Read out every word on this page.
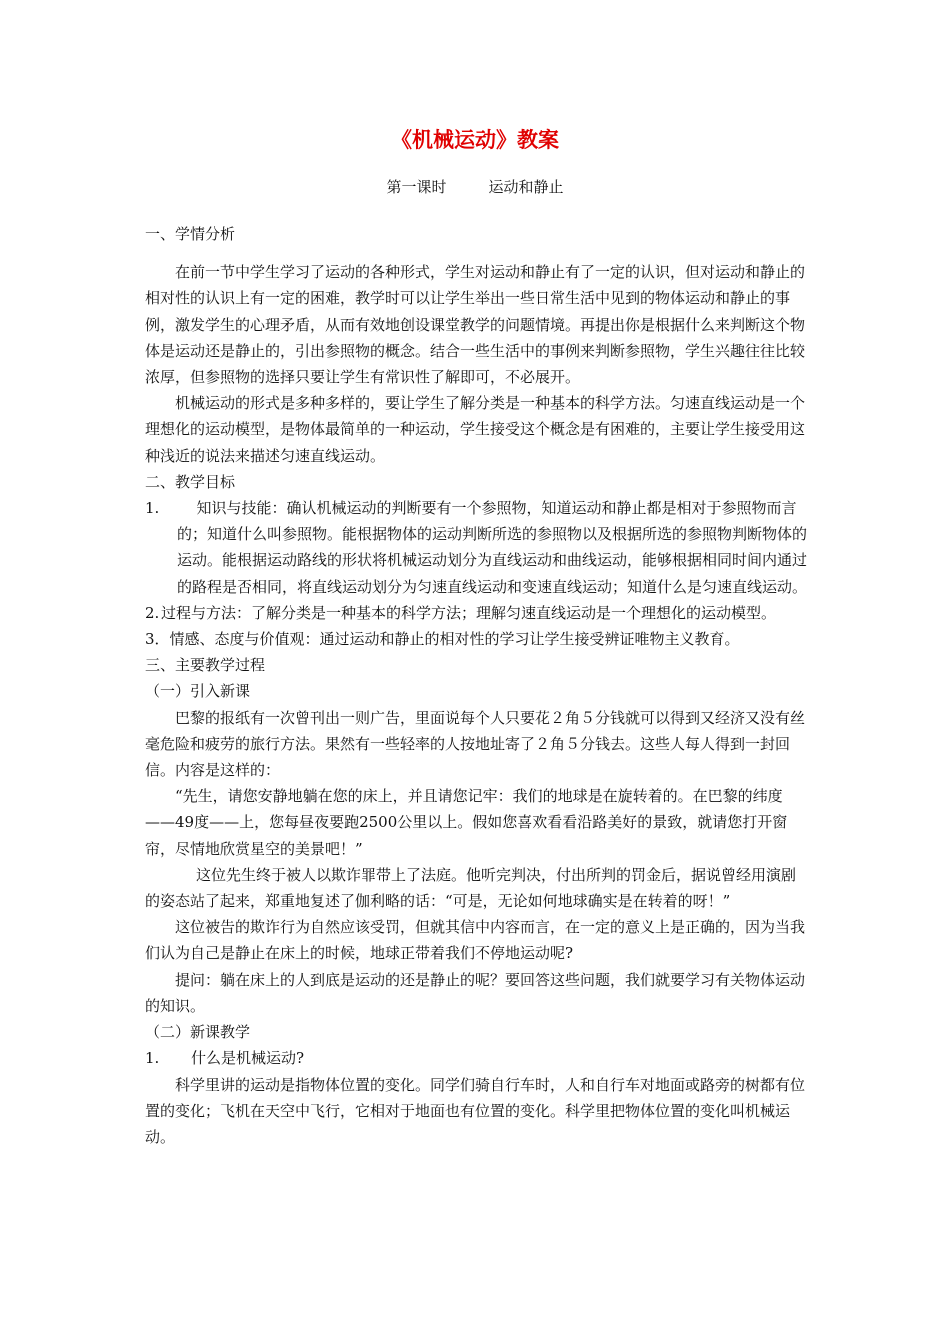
《机械运动》教案
第一课时	运动和静止

一、学情分析

在前一节中学生学习了运动的各种形式，学生对运动和静止有了一定的认识，但对运动和静止的相对性的认识上有一定的困难，教学时可以让学生举出一些日常生活中见到的物体运动和静止的事例，激发学生的心理矛盾，从而有效地创设课堂教学的问题情境。再提出你是根据什么来判断这个物体是运动还是静止的，引出参照物的概念。结合一些生活中的事例来判断参照物，学生兴趣往往比较浓厚，但参照物的选择只要让学生有常识性了解即可，不必展开。

机械运动的形式是多种多样的，要让学生了解分类是一种基本的科学方法。匀速直线运动是一个理想化的运动模型，是物体最简单的一种运动，学生接受这个概念是有困难的，主要让学生接受用这种浅近的说法来描述匀速直线运动。

二、教学目标

1.	知识与技能：确认机械运动的判断要有一个参照物，知道运动和静止都是相对于参照物而言的；知道什么叫参照物。能根据物体的运动判断所选的参照物以及根据所选的参照物判断物体的运动。能根据运动路线的形状将机械运动划分为直线运动和曲线运动，能够根据相同时间内通过的路程是否相同，将直线运动划分为匀速直线运动和变速直线运动；知道什么是匀速直线运动。
2. 过程与方法：了解分类是一种基本的科学方法；理解匀速直线运动是一个理想化的运动模型。

3．情感、态度与价值观：通过运动和静止的相对性的学习让学生接受辨证唯物主义教育。

三、主要教学过程

（一）引入新课

巴黎的报纸有一次曾刊出一则广告，里面说每个人只要花２角５分钱就可以得到又经济又没有丝毫危险和疲劳的旅行方法。果然有一些轻率的人按地址寄了２角５分钱去。这些人每人得到一封回信。内容是这样的：

“先生，请您安静地躺在您的床上，并且请您记牢：我们的地球是在旋转着的。在巴黎的纬度——49度——上，您每昼夜要跑2500公里以上。假如您喜欢看看沿路美好的景致，就请您打开窗帘，尽情地欣赏星空的美景吧！”

这位先生终于被人以欺诈罪带上了法庭。他听完判决，付出所判的罚金后，据说曾经用演剧的姿态站了起来，郑重地复述了伽利略的话：“可是，无论如何地球确实是在转着的呀！”

这位被告的欺诈行为自然应该受罚，但就其信中内容而言，在一定的意义上是正确的，因为当我们认为自己是静止在床上的时候，地球正带着我们不停地运动呢?

提问：躺在床上的人到底是运动的还是静止的呢？要回答这些问题，我们就要学习有关物体运动的知识。

（二）新课教学

1. 什么是机械运动?

科学里讲的运动是指物体位置的变化。同学们骑自行车时，人和自行车对地面或路旁的树都有位置的变化；飞机在天空中飞行，它相对于地面也有位置的变化。科学里把物体位置的变化叫机械运动。
